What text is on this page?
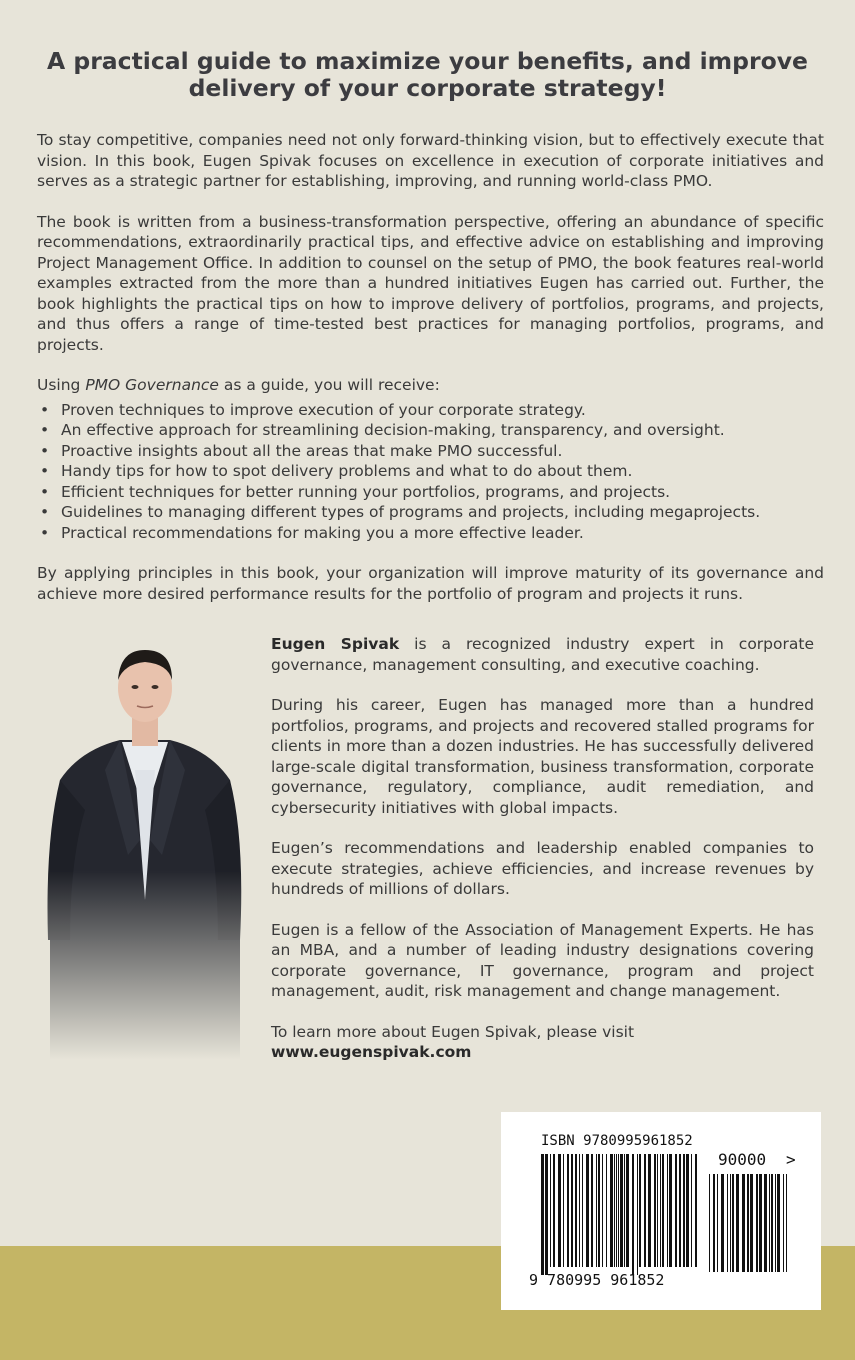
A practical guide to maximize your benefits, and improve delivery of your corporate strategy!

To stay competitive, companies need not only forward-thinking vision, but to effectively execute that vision. In this book, Eugen Spivak focuses on excellence in execution of corporate initiatives and serves as a strategic partner for establishing, improving, and running world-class PMO.

The book is written from a business-transformation perspective, offering an abundance of specific recommendations, extraordinarily practical tips, and effective advice on establishing and improving Project Management Office. In addition to counsel on the setup of PMO, the book features real-world examples extracted from the more than a hundred initiatives Eugen has carried out. Further, the book highlights the practical tips on how to improve delivery of portfolios, programs, and projects, and thus offers a range of time-tested best practices for managing portfolios, programs, and projects.

Using PMO Governance as a guide, you will receive:

• Proven techniques to improve execution of your corporate strategy.
• An effective approach for streamlining decision-making, transparency, and oversight.
• Proactive insights about all the areas that make PMO successful.
• Handy tips for how to spot delivery problems and what to do about them.
• Efficient techniques for better running your portfolios, programs, and projects.
• Guidelines to managing different types of programs and projects, including megaprojects.
• Practical recommendations for making you a more effective leader.

By applying principles in this book, your organization will improve maturity of its governance and achieve more desired performance results for the portfolio of program and projects it runs.

Eugen Spivak is a recognized industry expert in corporate governance, management consulting, and executive coaching.

During his career, Eugen has managed more than a hundred portfolios, programs, and projects and recovered stalled programs for clients in more than a dozen industries. He has successfully delivered large-scale digital transformation, business transformation, corporate governance, regulatory, compliance, audit remediation, and cybersecurity initiatives with global impacts.

Eugen’s recommendations and leadership enabled companies to execute strategies, achieve efficiencies, and increase revenues by hundreds of millions of dollars.

Eugen is a fellow of the Association of Management Experts. He has an MBA, and a number of leading industry designations covering corporate governance, IT governance, program and project management, audit, risk management and change management.

To learn more about Eugen Spivak, please visit
www.eugenspivak.com

ISBN 9780995961852
9 780995 961852
90000 >
